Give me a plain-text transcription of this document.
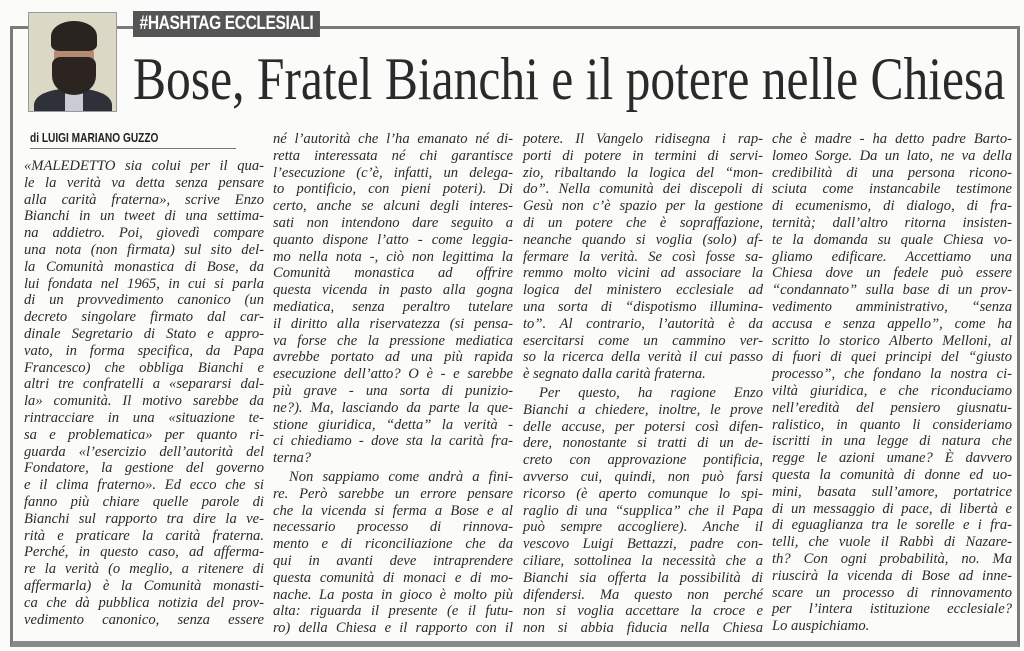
#HASHTAG ECCLESIALI
Bose, Fratel Bianchi e il potere nelle Chiesa
di LUIGI MARIANO GUZZO
«MALEDETTO sia colui per il qua-
le la verità va detta senza pensare
alla carità fraterna», scrive Enzo
Bianchi in un tweet di una settima-
na addietro. Poi, giovedì compare
una nota (non firmata) sul sito del-
la Comunità monastica di Bose, da
lui fondata nel 1965, in cui si parla
di un provvedimento canonico (un
decreto singolare firmato dal car-
dinale Segretario di Stato e appro-
vato, in forma specifica, da Papa
Francesco) che obbliga Bianchi e
altri tre confratelli a «separarsi dal-
la» comunità. Il motivo sarebbe da
rintracciare in una «situazione te-
sa e problematica» per quanto ri-
guarda «l’esercizio dell’autorità del
Fondatore, la gestione del governo
e il clima fraterno». Ed ecco che si
fanno più chiare quelle parole di
Bianchi sul rapporto tra dire la ve-
rità e praticare la carità fraterna.
Perché, in questo caso, ad afferma-
re la verità (o meglio, a ritenere di
affermarla) è la Comunità monasti-
ca che dà pubblica notizia del prov-
vedimento canonico, senza essere
né l’autorità che l’ha emanato né di-
retta interessata né chi garantisce
l’esecuzione (c’è, infatti, un delega-
to pontificio, con pieni poteri). Di
certo, anche se alcuni degli interes-
sati non intendono dare seguito a
quanto dispone l’atto - come leggia-
mo nella nota -, ciò non legittima la
Comunità monastica ad offrire
questa vicenda in pasto alla gogna
mediatica, senza peraltro tutelare
il diritto alla riservatezza (si pensa-
va forse che la pressione mediatica
avrebbe portato ad una più rapida
esecuzione dell’atto? O è - e sarebbe
più grave - una sorta di punizio-
ne?). Ma, lasciando da parte la que-
stione giuridica, “detta” la verità -
ci chiediamo - dove sta la carità fra-
terna?
Non sappiamo come andrà a fini-
re. Però sarebbe un errore pensare
che la vicenda si ferma a Bose e al
necessario processo di rinnova-
mento e di riconciliazione che da
qui in avanti deve intraprendere
questa comunità di monaci e di mo-
nache. La posta in gioco è molto più
alta: riguarda il presente (e il futu-
ro) della Chiesa e il rapporto con il
potere. Il Vangelo ridisegna i rap-
porti di potere in termini di servi-
zio, ribaltando la logica del “mon-
do”. Nella comunità dei discepoli di
Gesù non c’è spazio per la gestione
di un potere che è sopraffazione,
neanche quando si voglia (solo) af-
fermare la verità. Se così fosse sa-
remmo molto vicini ad associare la
logica del ministero ecclesiale ad
una sorta di “dispotismo illumina-
to”. Al contrario, l’autorità è da
esercitarsi come un cammino ver-
so la ricerca della verità il cui passo
è segnato dalla carità fraterna.
Per questo, ha ragione Enzo
Bianchi a chiedere, inoltre, le prove
delle accuse, per potersi così difen-
dere, nonostante si tratti di un de-
creto con approvazione pontificia,
avverso cui, quindi, non può farsi
ricorso (è aperto comunque lo spi-
raglio di una “supplica” che il Papa
può sempre accogliere). Anche il
vescovo Luigi Bettazzi, padre con-
ciliare, sottolinea la necessità che a
Bianchi sia offerta la possibilità di
difendersi. Ma questo non perché
non si voglia accettare la croce e
non si abbia fiducia nella Chiesa
che è madre - ha detto padre Barto-
lomeo Sorge. Da un lato, ne va della
credibilità di una persona ricono-
sciuta come instancabile testimone
di ecumenismo, di dialogo, di fra-
ternità; dall’altro ritorna insisten-
te la domanda su quale Chiesa vo-
gliamo edificare. Accettiamo una
Chiesa dove un fedele può essere
“condannato” sulla base di un prov-
vedimento amministrativo, “senza
accusa e senza appello”, come ha
scritto lo storico Alberto Melloni, al
di fuori di quei principi del “giusto
processo”, che fondano la nostra ci-
viltà giuridica, e che riconduciamo
nell’eredità del pensiero giusnatu-
ralistico, in quanto li consideriamo
iscritti in una legge di natura che
regge le azioni umane? È davvero
questa la comunità di donne ed uo-
mini, basata sull’amore, portatrice
di un messaggio di pace, di libertà e
di eguaglianza tra le sorelle e i fra-
telli, che vuole il Rabbì di Nazare-
th? Con ogni probabilità, no. Ma
riuscirà la vicenda di Bose ad inne-
scare un processo di rinnovamento
per l’intera istituzione ecclesiale?
Lo auspichiamo.
